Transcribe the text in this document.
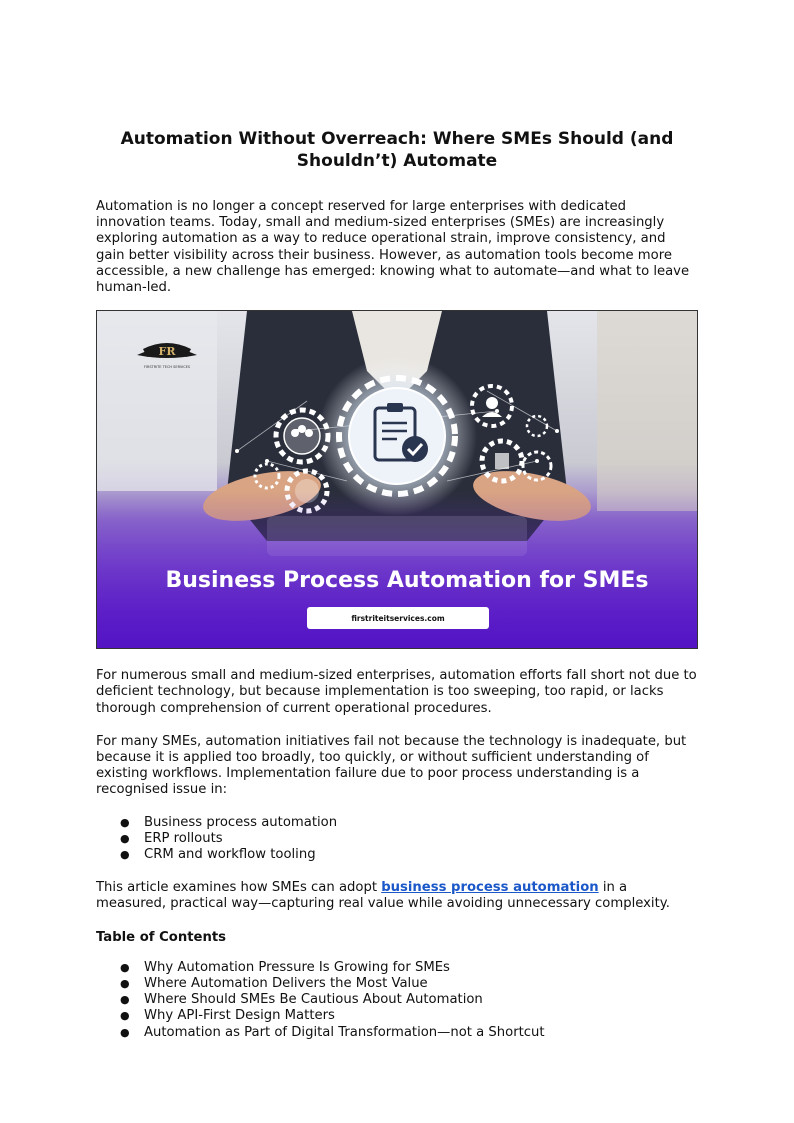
Automation Without Overreach: Where SMEs Should (and Shouldn’t) Automate

Automation is no longer a concept reserved for large enterprises with dedicated innovation teams. Today, small and medium-sized enterprises (SMEs) are increasingly exploring automation as a way to reduce operational strain, improve consistency, and gain better visibility across their business. However, as automation tools become more accessible, a new challenge has emerged: knowing what to automate—and what to leave human-led.

FR
FIRSTRITE TECH SERVICES
Business Process Automation for SMEs
firstriteitservices.com

For numerous small and medium-sized enterprises, automation efforts fall short not due to deficient technology, but because implementation is too sweeping, too rapid, or lacks thorough comprehension of current operational procedures.

For many SMEs, automation initiatives fail not because the technology is inadequate, but because it is applied too broadly, too quickly, or without sufficient understanding of existing workflows. Implementation failure due to poor process understanding is a recognised issue in:

● Business process automation
● ERP rollouts
● CRM and workflow tooling

This article examines how SMEs can adopt business process automation in a measured, practical way—capturing real value while avoiding unnecessary complexity.

Table of Contents

● Why Automation Pressure Is Growing for SMEs
● Where Automation Delivers the Most Value
● Where Should SMEs Be Cautious About Automation
● Why API-First Design Matters
● Automation as Part of Digital Transformation—not a Shortcut
